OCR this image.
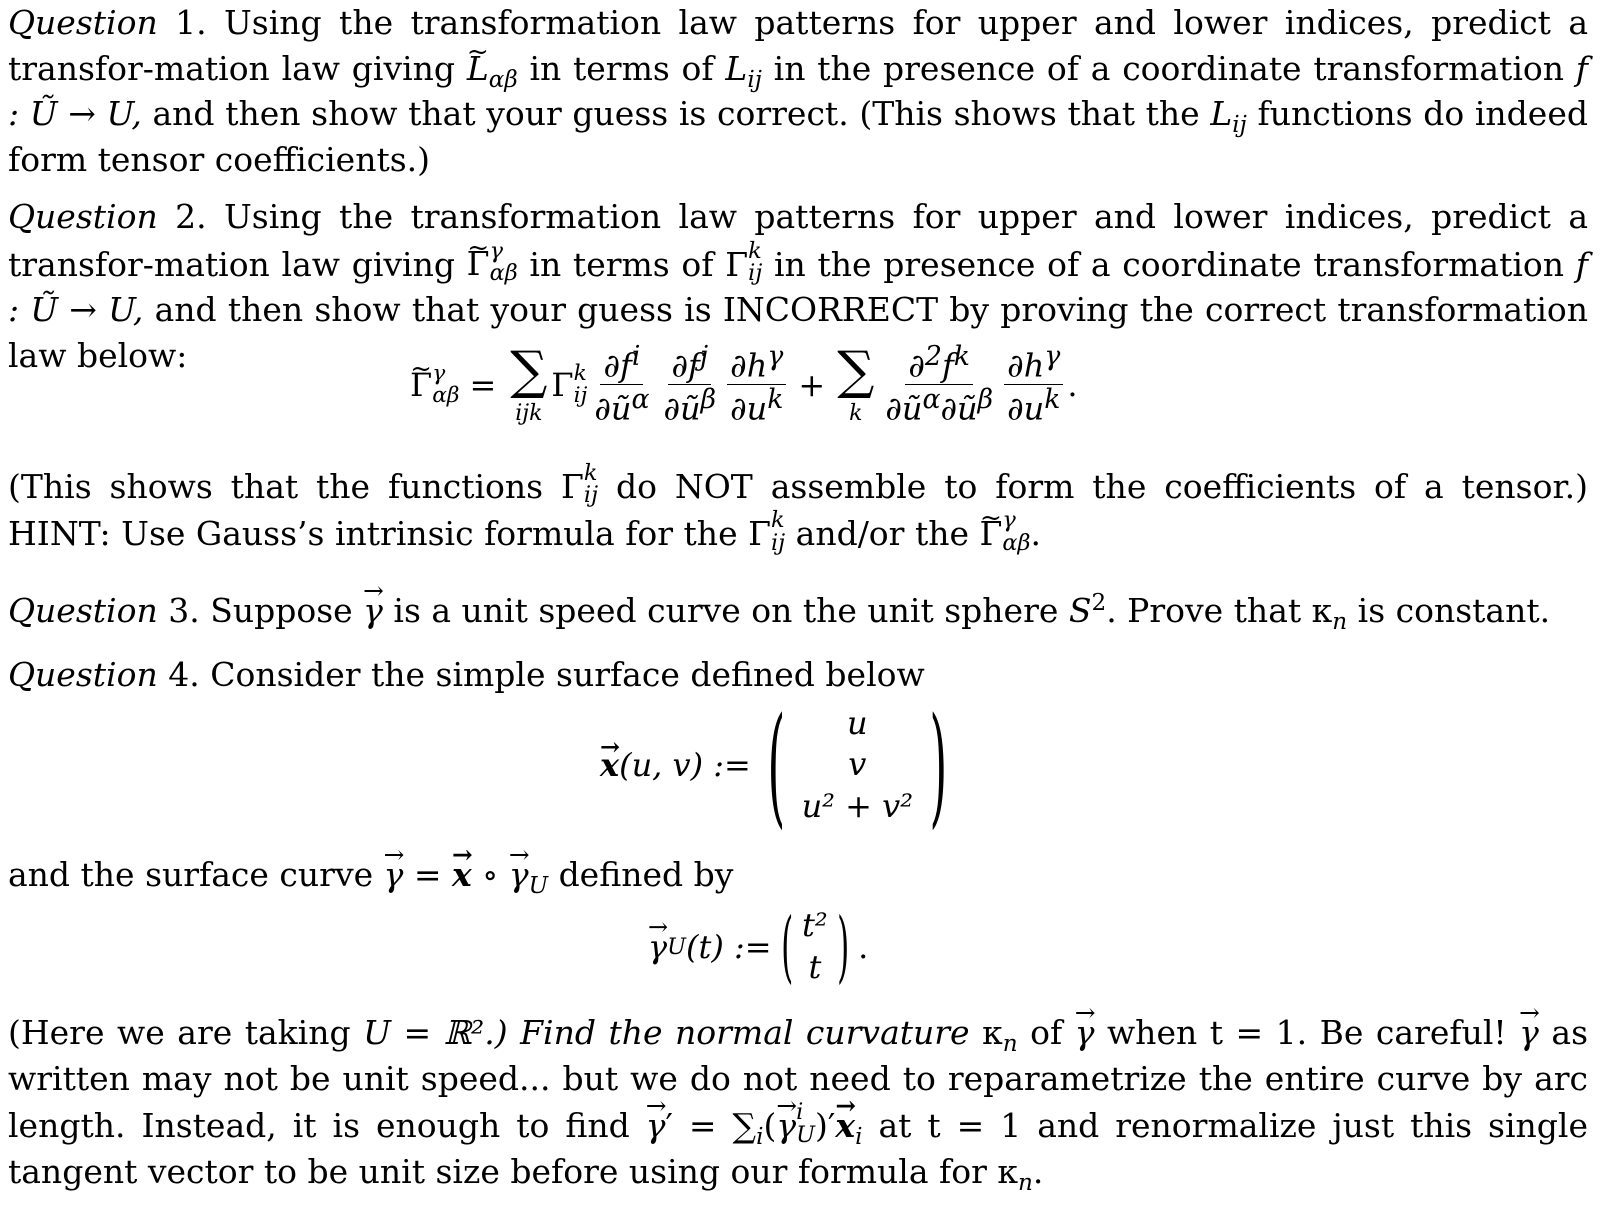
Question 1. Using the transformation law patterns for upper and lower indices, predict a transfor-mation law giving ~ $L_{\alpha\beta}$ in terms of $L_{ij}$ in the presence of a coordinate transformation f : Ũ → U, and then show that your guess is correct. (This shows that the $L_{ij}$ functions do indeed form tensor coefficients.)
Question 2. Using the transformation law patterns for upper and lower indices, predict a transfor-mation law giving ~ Γ γ
αβ in terms of Γ k
ij in the presence of a coordinate transformation f : Ũ → U, and then show that your guess is INCORRECT by proving the correct transformation law below:
~ Γ γ
αβ = ∑
ijk
Γ k
ij $\frac{\partial f^i}{\partial ũ^\alpha} \frac{\partial f^j}{\partial ũ^\beta} \frac{\partial h^\gamma}{\partial u^k}$ + ∑
k $\frac{\partial^2f^k}{\partial ũ^\alpha\partial ũ^\beta} \frac{\partial h^\gamma}{\partial u^k}$ .
(This shows that the functions Γ k
ij do NOT assemble to form the coefficients of a tensor.) HINT: Use Gauss’s intrinsic formula for the Γ k
ij and/or the ~ Γ γ
αβ .
Question 3. Suppose → γ is a unit speed curve on the unit sphere $S^2$. Prove that $\kappa_n$ is constant.
Question 4. Consider the simple surface defined below
→ x (u, v) := ( u
v
u² + v² )
and the surface curve → γ = → x ∘ → $\gamma_U$ defined by
→ γ U (t) := ( t²
t ) .
(Here we are taking U = ℝ².) Find the normal curvature $\kappa_n$ of → γ when t = 1. Be careful! → γ as written may not be unit speed... but we do not need to reparametrize the entire curve by arc length. Instead, it is enough to find → $\gamma' = \sum_i(\to \gamma$ i
U )′→ $x_i$ at t = 1 and renormalize just this single tangent vector to be unit size before using our formula for $\kappa_n$.
